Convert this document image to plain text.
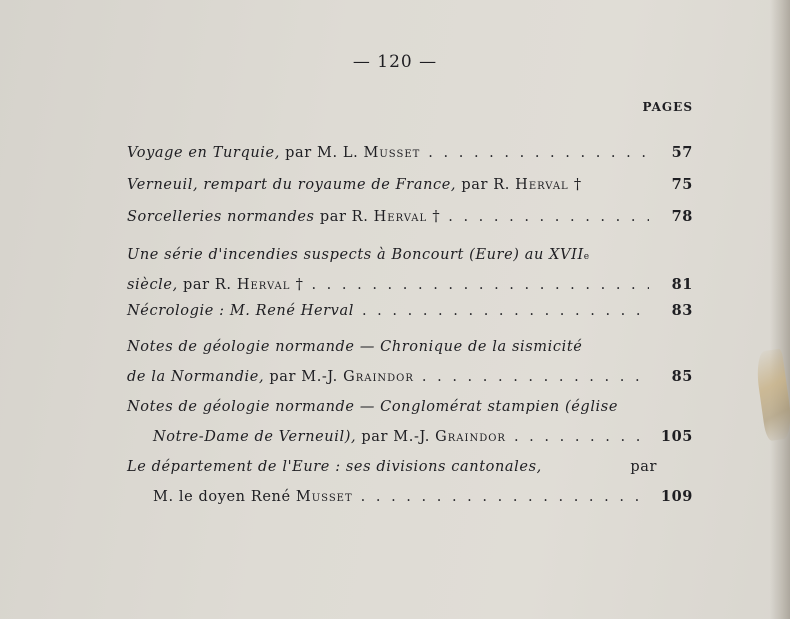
— 120 —
PAGES
Voyage en Turquie,
par M. L.
Musset . . .	57
Verneuil, rempart du royaume de France,
par R.
Herval
†	75
Sorcelleries normandes
par R.
Herval
† . . .	78
Une série d'incendies suspects à Boncourt (Eure) au XVII e
siècle,
par R.
Herval
† . . .	81
Nécrologie : M. René Herval . . .	83
Notes de géologie normande — Chronique de la sismicité
de la Normandie,
par M.-J.
Graindor . . .	85
Notes de géologie normande — Conglomérat stampien (église
Notre-Dame de Verneuil),
par M.-J.
Graindor . . .	105
Le département de l'Eure : ses divisions cantonales,	par
M. le doyen René
Musset . . .	109
